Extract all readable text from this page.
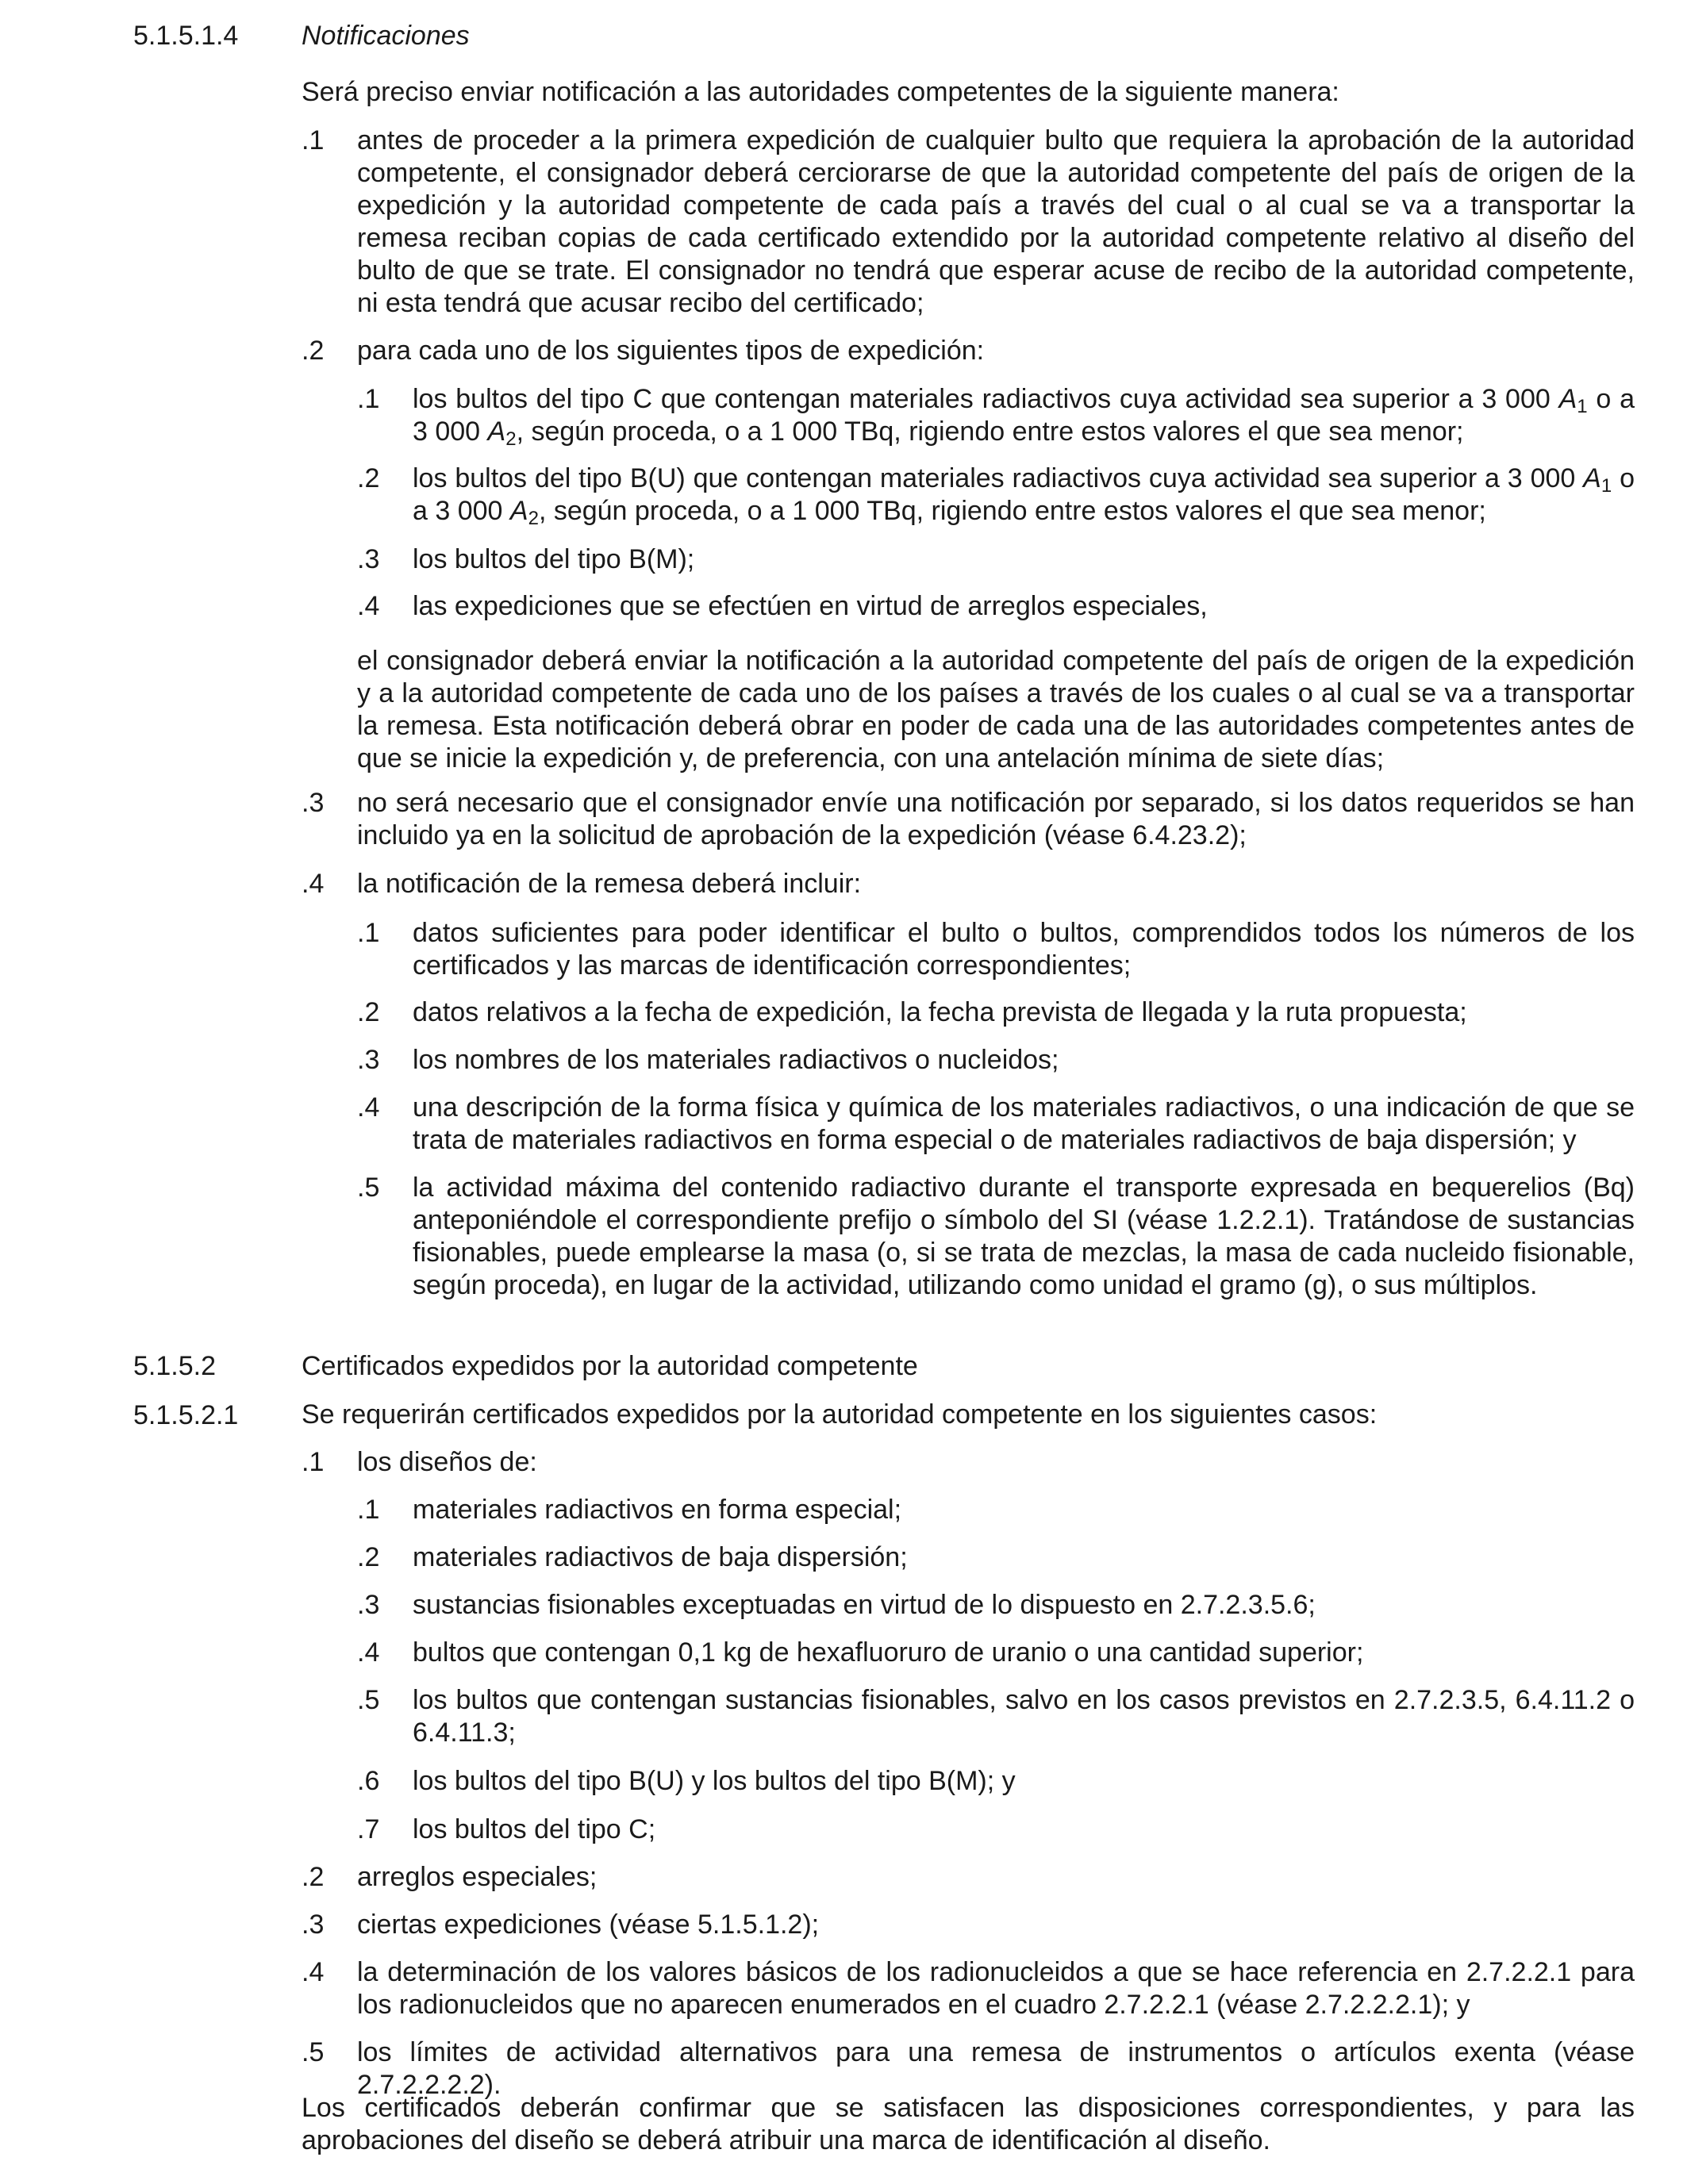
5.1.5.1.4 Notificaciones
Será preciso enviar notificación a las autoridades competentes de la siguiente manera:
.1 antes de proceder a la primera expedición de cualquier bulto que requiera la aprobación de la autoridad competente, el consignador deberá cerciorarse de que la autoridad competente del país de origen de la expedición y la autoridad competente de cada país a través del cual o al cual se va a transportar la remesa reciban copias de cada certificado extendido por la autoridad competente relativo al diseño del bulto de que se trate. El consignador no tendrá que esperar acuse de recibo de la autoridad competente, ni esta tendrá que acusar recibo del certificado;
.2 para cada uno de los siguientes tipos de expedición:
.1 los bultos del tipo C que contengan materiales radiactivos cuya actividad sea superior a 3 000 $A_1$ o a 3 000 $A_2$, según proceda, o a 1 000 TBq, rigiendo entre estos valores el que sea menor;
.2 los bultos del tipo B(U) que contengan materiales radiactivos cuya actividad sea superior a 3 000 $A_1$ o a 3 000 $A_2$, según proceda, o a 1 000 TBq, rigiendo entre estos valores el que sea menor;
.3 los bultos del tipo B(M);
.4 las expediciones que se efectúen en virtud de arreglos especiales,
el consignador deberá enviar la notificación a la autoridad competente del país de origen de la expedición y a la autoridad competente de cada uno de los países a través de los cuales o al cual se va a transportar la remesa. Esta notificación deberá obrar en poder de cada una de las autoridades competentes antes de que se inicie la expedición y, de preferencia, con una antelación mínima de siete días;
.3 no será necesario que el consignador envíe una notificación por separado, si los datos requeridos se han incluido ya en la solicitud de aprobación de la expedición (véase 6.4.23.2);
.4 la notificación de la remesa deberá incluir:
.1 datos suficientes para poder identificar el bulto o bultos, comprendidos todos los números de los certificados y las marcas de identificación correspondientes;
.2 datos relativos a la fecha de expedición, la fecha prevista de llegada y la ruta propuesta;
.3 los nombres de los materiales radiactivos o nucleidos;
.4 una descripción de la forma física y química de los materiales radiactivos, o una indicación de que se trata de materiales radiactivos en forma especial o de materiales radiactivos de baja dispersión; y
.5 la actividad máxima del contenido radiactivo durante el transporte expresada en bequerelios (Bq) anteponiéndole el correspondiente prefijo o símbolo del SI (véase 1.2.2.1). Tratándose de sustancias fisionables, puede emplearse la masa (o, si se trata de mezclas, la masa de cada nucleido fisionable, según proceda), en lugar de la actividad, utilizando como unidad el gramo (g), o sus múltiplos.
5.1.5.2	Certificados expedidos por la autoridad competente
5.1.5.2.1 Se requerirán certificados expedidos por la autoridad competente en los siguientes casos:
.1 los diseños de:
.1 materiales radiactivos en forma especial;
.2 materiales radiactivos de baja dispersión;
.3 sustancias fisionables exceptuadas en virtud de lo dispuesto en 2.7.2.3.5.6;
.4 bultos que contengan 0,1 kg de hexafluoruro de uranio o una cantidad superior;
.5 los bultos que contengan sustancias fisionables, salvo en los casos previstos en 2.7.2.3.5, 6.4.11.2 o 6.4.11.3;
.6 los bultos del tipo B(U) y los bultos del tipo B(M); y
.7 los bultos del tipo C;
.2 arreglos especiales;
.3 ciertas expediciones (véase 5.1.5.1.2);
.4 la determinación de los valores básicos de los radionucleidos a que se hace referencia en 2.7.2.2.1 para los radionucleidos que no aparecen enumerados en el cuadro 2.7.2.2.1 (véase 2.7.2.2.2.1); y
.5 los límites de actividad alternativos para una remesa de instrumentos o artículos exenta (véase 2.7.2.2.2.2).
Los certificados deberán confirmar que se satisfacen las disposiciones correspondientes, y para las aprobaciones del diseño se deberá atribuir una marca de identificación al diseño.
